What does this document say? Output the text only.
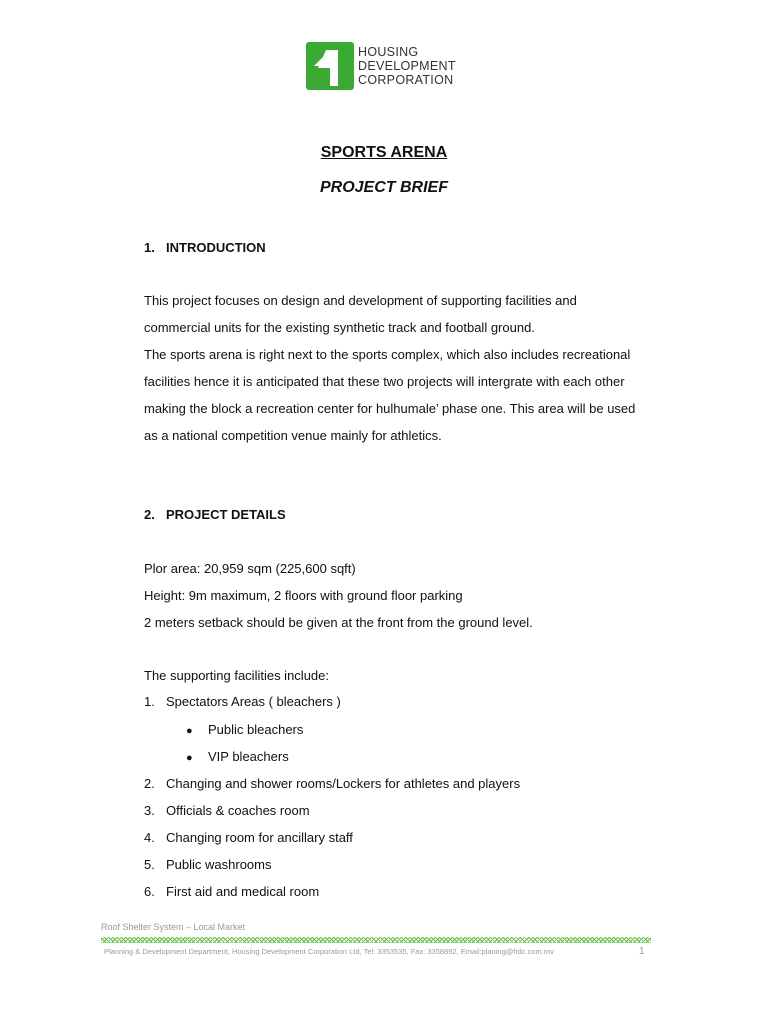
HOUSING
DEVELOPMENT
CORPORATION
SPORTS ARENA
PROJECT BRIEF
1. INTRODUCTION
This project focuses on design and development of supporting facilities and
commercial units for the existing synthetic track and football ground.
The sports arena is right next to the sports complex, which also includes recreational
facilities hence it is anticipated that these two projects will intergrate with each other
making the block a recreation center for hulhumale’ phase one. This area will be used
as a national competition venue mainly for athletics.
2. PROJECT DETAILS
Plor area: 20,959 sqm (225,600 sqft)
Height: 9m maximum, 2 floors with ground floor parking
2 meters setback should be given at the front from the ground level.
The supporting facilities include:
1. Spectators Areas ( bleachers )
● Public bleachers
● VIP bleachers
2. Changing and shower rooms/Lockers for athletes and players
3. Officials & coaches room
4. Changing room for ancillary staff
5. Public washrooms
6. First aid and medical room
Roof Shelter System – Local Market
Planning & Development Department, Housing Development Corporation Ltd, Tel: 3353535, Fax: 3358892, Email:planing@hdc.com.mv	1
